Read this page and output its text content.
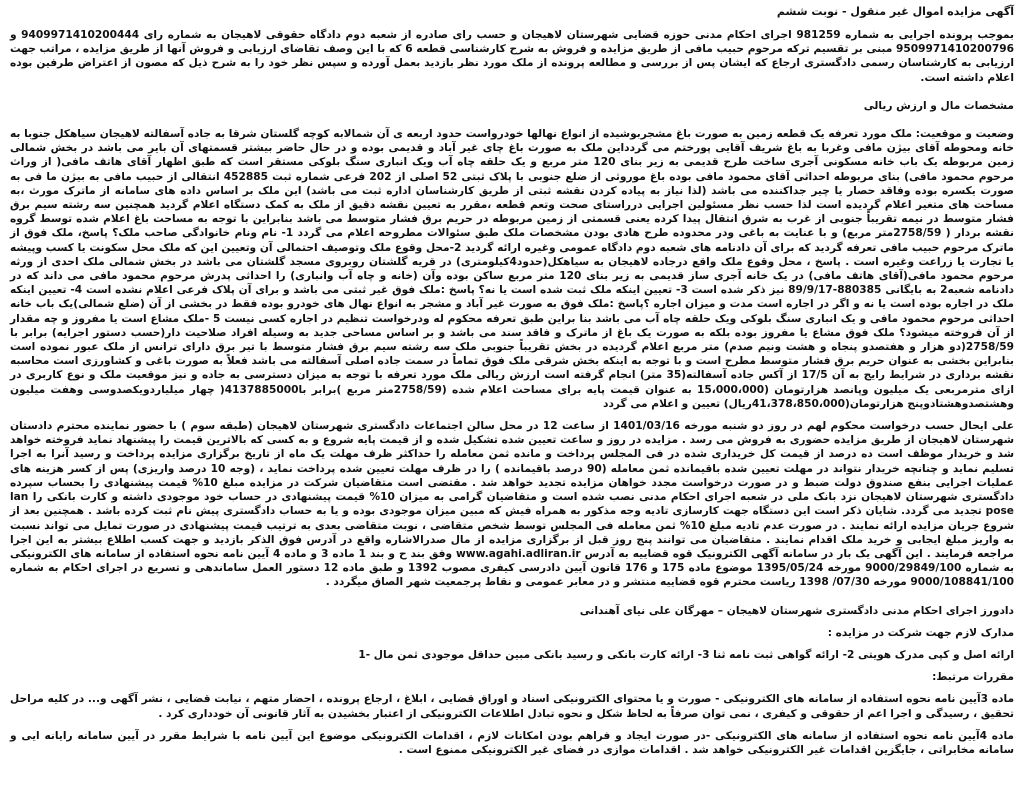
آگهی مزایده اموال غیر منقول - نوبت ششم

بموجب پرونده اجرایی به شماره 981259 اجرای احکام مدنی حوزه قضایی شهرستان لاهیجان و حسب رای صادره از شعبه دوم دادگاه حقوقی لاهیجان به شماره رای 9409971410200444 و 9509971410200796 مبنی بر تقسیم ترکه مرحوم حبیب مافی از طریق مزایده و فروش به شرح کارشناسی قطعه 6 که با این وصف تقاضای ارزیابی و فروش آنها از طریق مزایده ، مراتب جهت ارزیابی به کارشناسان رسمی دادگستری ارجاع که ایشان پس از بررسی و مطالعه پرونده از ملک مورد نظر بازدید بعمل آورده و سپس نظر خود را به شرح ذیل که مصون از اعتراض طرفین بوده اعلام داشته است.

مشخصات مال و ارزش ریالی

وضعیت و موقعیت: ملک مورد تعرفه یک قطعه زمین به صورت باغ مشجربوشیده از انواع نهالها خودرواست حدود اربعه ی آن شمالابه کوچه گلستان شرقا به جاده آسفالته لاهیجان سیاهکل جنوبا به خانه ومحوطه آقای بیژن مافی وغربا به باغ شریف آقایی پورختم می گردداین ملک به صورت باغ چای غیر آباد و قدیمی بوده و در حال حاضر بیشتر قسمتهای آن بایر می باشد در بخش شمالی زمین مربوطه یک باب خانه مسکونی آجری ساخت طرح قدیمی به زیر بنای 120 متر مربع و یک حلقه چاه آب ویک انباری سنگ بلوکی مستقر است که طبق اظهار آقای هاتف مافی( از وراث مرحوم محمود مافی) بنای مربوطه احداثی آقای محمود مافی بوده باغ موروثی از ضلع جنوبی با پلاک ثبتی 52 اصلی از 202 فرعی شماره ثبت 452885 انتقالی از حبیب مافی به بیژن ما فی به صورت یکسره بوده وفاقد حصار یا چیر جداکننده می باشد (لذا نیاز به پیاده کردن نقشه ثبتی از طریق کارشناسان اداره ثبت می باشد) این ملک بر اساس داده های سامانه از ماترک مورث ،به مساحت های متغیر اعلام گردیده است لذا حسب نظر مسئولین اجرایی درراستای صحت وتعم قطعه ،مقرر به تعیین نقشه دقیق از ملک به کمک دستگاه اعلام گردید همچنین سه رشته سیم برق فشار متوسط در نیمه تقریباً جنوبی از غرب به شرق انتقال پیدا کرده یعنی قسمتی از زمین مربوطه در حریم برق فشار متوسط می باشد بنابراین با توجه به مساحت باغ اعلام شده توسط گروه نقشه بردار ( 2758/59متر مربع) و با عنایت به باغی ودر محدوده طرح هادی بودن مشخصات ملک طبق سئوالات مطروحه اعلام می گردد 1- نام ونام خانوادگی صاحب ملک؟ پاسخ، ملک فوق از ماترک مرحوم حبیب مافی تعرفه گردید که برای آن دادنامه های شعبه دوم دادگاه عمومی وغیره ارائه گردید 2-محل وقوع ملک وتوصیف احتمالی آن وتعیین این که ملک محل سکونت یا کسب وپیشه یا تجارت یا زراعت وغیره است . پاسخ ، محل وقوع ملک واقع درجاده لاهیجان به سیاهکل(حدود4کیلومتری) در قریه گلشتان روبروی مسجد گلشتان می باشد در بخش شمالی ملک احدی از ورثه مرحوم محمود مافی(آقای هاتف مافی) در یک خانه آجری ساز قدیمی به زیر بنای 120 متر مربع ساکن بوده وآن (خانه و چاه آب وانباری) را احداثی پدرش مرحوم محمود مافی می داند که در دادنامه شعبه2 به بایگانی 880385-89/9/17 نیز ذکر شده است 3- تعیین اینکه ملک ثبت شده است یا نه؟ پاسخ :ملک فوق غیر ثبتی می باشد و برای آن پلاک فرعی اعلام نشده است 4- تعیین اینکه ملک در اجاره بوده است یا نه و اگر در اجاره است مدت و میزان اجاره ؟پاسخ :ملک فوق به صورت غیر آباد و مشجر به انواع نهال های خودرو بوده فقط در بخشی از آن (ضلع شمالی)یک باب خانه احداثی مرحوم محمود مافی و یک انباری سنگ بلوکی ویک حلقه چاه آب می باشد بنا براین طبق تعرفه محکوم له ودرخواست تنظیم در اجاره کسی نیست 5 -ملک مشاع است یا مفروز و چه مقدار از آن فروخته میشود؟ ملک فوق مشاع یا مفروز بوده بلکه به صورت یک باغ از ماترک و فاقد سند می باشد و بر اساس مساحی جدید به وسیله افراد صلاحیت دار(حسب دستور اجرایه) برابر با 2758/59(دو هزار و هفتصدو پنجاه و هشت ونیم صدم) متر مربع اعلام گردیده در بخش تقریباً جنوبی ملک سه رشته سیم برق فشار متوسط با تیر برق دارای ترانس از ملک عبور نموده است بنابراین بخشی به عنوان حریم برق فشار متوسط مطرح است و با توجه به اینکه بخش شرقی ملک فوق تماماً در سمت جاده اصلی آسفالته می باشد فعلاً به صورت باغی و کشاورزی است محاسبه نقشه برداری در شرایط رایج به آن 17/5 از آکس جاده آسفالته(35 متر) انجام گرفته است ارزش ریالی ملک مورد تعرفه با توجه به میزان دسترسی به جاده و نیز موقعیت ملک و نوع کاربری در ازای مترمربعی یک میلیون وپانصد هزارتومان (15،000،000 به عنوان قیمت پایه برای مساحت اعلام شده (2758/59متر مربع )برابر با4137885000( چهار میلیاردویکصدوسی وهفت میلیون وهشتصدوهشتادوپنج هزارتومان(41،378،850،000ریال) تعیین و اعلام می گردد

علی ایحال حسب درخواست محکوم لهم در روز دو شنبه مورخه 1401/03/16 از ساعت 12 در محل سالن اجتماعات دادگستری شهرستان لاهیجان (طبقه سوم ) با حضور نماینده محترم دادستان شهرستان لاهیجان از طریق مزایده حضوری به فروش می رسد . مزایده در روز و ساعت تعیین شده تشکیل شده و از قیمت پایه شروع و به کسی که بالاترین قیمت را پیشنهاد نماید فروخته خواهد شد و خریدار موظف است ده درصد از قیمت کل خریداری شده در فی المجلس پرداخت و مانده ثمن معامله را حداکثر ظرف مهلت یک ماه از تاریخ برگزاری مزایده پرداخت و رسید آنرا به اجرا تسلیم نماید و چنانچه خریدار نتواند در مهلت تعیین شده باقیمانده ثمن معامله (90 درصد باقیمانده ) را در ظرف مهلت تعیین شده پرداخت نماید ، (وجه 10 درصد واریزی) پس از کسر هزینه های عملیات اجرایی بنفع صندوق دولت ضبط و در صورت درخواست مجدد خواهان مزایده تجدید خواهد شد . مقتضی است متقاضیان شرکت در مزایده مبلغ 10% قیمت پیشنهادی را بحساب سپرده دادگستری شهرستان لاهیجان نزد بانک ملی در شعبه اجرای احکام مدنی نصب شده است و متقاضیان گرامی به میزان 10% قیمت پیشنهادی در حساب خود موجودی داشته و کارت بانکی را lan pose تجدید می گردد. شایان ذکر است این دستگاه جهت کارسازی تادیه وجه مذکور به همراه فیش که مبین میزان موجودی بوده و یا به حساب دادگستری پیش نام ثبت کرده باشد . همچنین بعد از شروع جریان مزایده ارائه نمایند . در صورت عدم تادیه مبلغ 10% ثمن معامله فی المجلس توسط شخص متقاضی ، نوبت متقاضی بعدی به ترتیب قیمت پیشنهادی در صورت تمایل می تواند نسبت به واریز مبلغ ایجابی و خرید ملک اقدام نمایند . متقاضیان می توانند پنج روز قبل از برگزاری مزایده از مال صدرالاشاره واقع در آدرس فوق الذکر بازدید و جهت کسب اطلاع بیشتر به این اجرا مراجعه فرمایند . این آگهی یک بار در سامانه آگهی الکترونیک قوه قضاییه به آدرس www.agahi.adliran.ir وفق بند ح و بند 1 ماده 3 و ماده 4 آیین نامه نحوه استفاده از سامانه های الکترونیکی به شماره 9000/29849/100 مورخه 1395/05/24 موضوع ماده 175 و 176 قانون آیین دادرسی کیفری مصوب 1392 و طبق ماده 12 دستور العمل ساماندهی و تسریع در اجرای احکام به شماره 9000/108841/100 مورخه 07/30/ 1398 ریاست محترم قوه قضاییه منتشر و در معابر عمومی و نقاط پرجمعیت شهر الصاق میگردد .

دادورز اجرای احکام مدنی دادگستری شهرستان لاهیجان – مهرگان علی نیای آهندانی

مدارک لازم جهت شرکت در مزایده :

ارائه اصل و کپی مدرک هویتی 2- ارائه گواهی ثبت نامه ثنا 3- ارائه کارت بانکی و رسید بانکی مبین حداقل موجودی ثمن مال -1

مقررات مرتبط:

ماده 3آیین نامه نحوه استفاده از سامانه های الکترونیکی - صورت و یا محتوای الکترونیکی اسناد و اوراق قضایی ، ابلاغ ، ارجاع پرونده ، احضار متهم ، نیابت قضایی ، نشر آگهی و... در کلیه مراحل تحقیق ، رسیدگی و اجرا اعم از حقوقی و کیفری ، نمی توان صرفاً به لحاظ شکل و نحوه تبادل اطلاعات الکترونیکی از اعتبار بخشیدن به آثار قانونی آن خودداری کرد .

ماده 4آیین نامه نحوه استفاده از سامانه های الکترونیکی -در صورت ایجاد و فراهم بودن امکانات لازم ، اقدامات الکترونیکی موضوع این آیین نامه با شرایط مقرر در آیین سامانه رایانه ایی و سامانه مخابراتی ، جایگزین اقدامات غیر الکترونیکی خواهد شد . اقدامات موازی در فضای غیر الکترونیکی ممنوع است .
